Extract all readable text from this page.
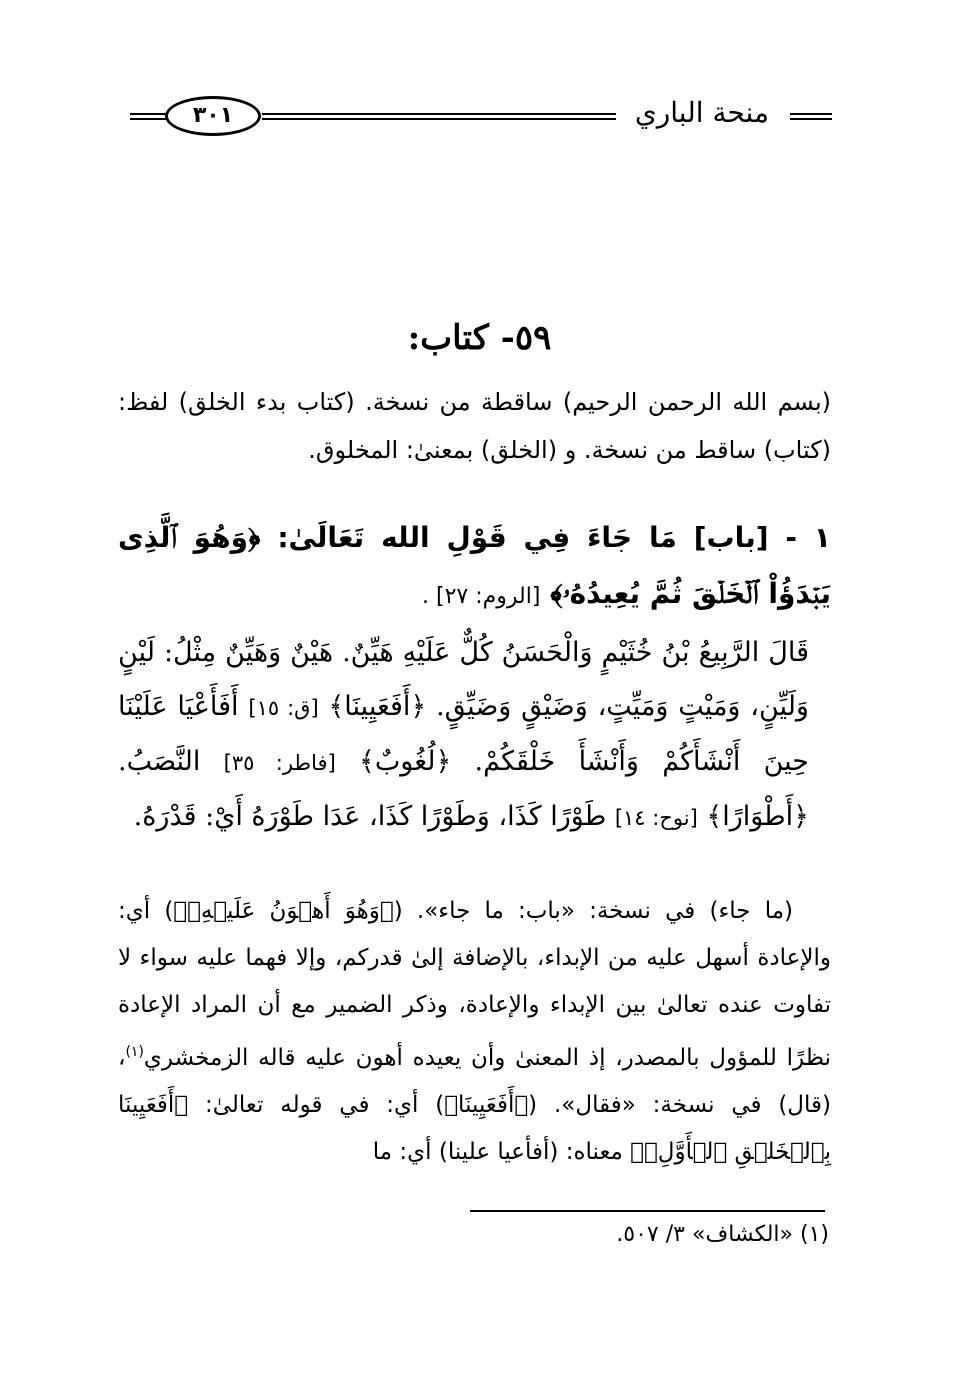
منحة الباري
٣٠١
٥٩- كتاب:
(بسم الله الرحمن الرحيم) ساقطة من نسخة. (كتاب بدء الخلق) لفظ: (كتاب) ساقط من نسخة. و (الخلق) بمعنىٰ: المخلوق.
١ - [باب] مَا جَاءَ فِي قَوْلِ الله تَعَالَىٰ: ﴿وَهُوَ ٱلَّذِى يَبۡدَؤُاْ ٱلۡخَلۡقَ ثُمَّ يُعِيدُهُۥ﴾ [الروم: ٢٧] .
قَالَ الرَّبِيعُ بْنُ خُثَيْمٍ وَالْحَسَنُ كُلٌّ عَلَيْهِ هَيِّنٌ. هَيْنٌ وَهَيِّنٌ مِثْلُ: لَيْنٍ وَلَيِّنٍ، وَمَيْتٍ وَمَيِّتٍ، وَضَيْقٍ وَضَيِّقٍ. ﴿أَفَعَيِينَا﴾ [ق: ١٥] أَفَأَعْيَا عَلَيْنَا حِينَ أَنْشَأَكُمْ وَأَنْشَأَ خَلْقَكُمْ. ﴿لُغُوبٌ﴾ [فاطر: ٣٥] النَّصَبُ. ﴿أَطْوَارًا﴾ [نوح: ١٤] طَوْرًا كَذَا، وَطَوْرًا كَذَا، عَدَا طَوْرَهُ أَيْ: قَدْرَهُ.
(ما جاء) في نسخة: «باب: ما جاء». (﴿وَهُوَ أَهۡوَنُ عَلَيۡهِۚ﴾) أي: والإعادة أسهل عليه من الإبداء، بالإضافة إلىٰ قدركم، وإلا فهما عليه سواء لا تفاوت عنده تعالىٰ بين الإبداء والإعادة، وذكر الضمير مع أن المراد الإعادة نظرًا للمؤول بالمصدر، إذ المعنىٰ وأن يعيده أهون عليه قاله الزمخشري$^{(١)}$، (قال) في نسخة: «فقال». (﴿أَفَعَيِينَا﴾) أي: في قوله تعالىٰ: ﴿أَفَعَيِينَا بِٱلۡخَلۡقِ ٱلۡأَوَّلِۚ﴾ معناه: (أفأعيا علينا) أي: ما
(١) «الكشاف» ٣/ ٥٠٧.
